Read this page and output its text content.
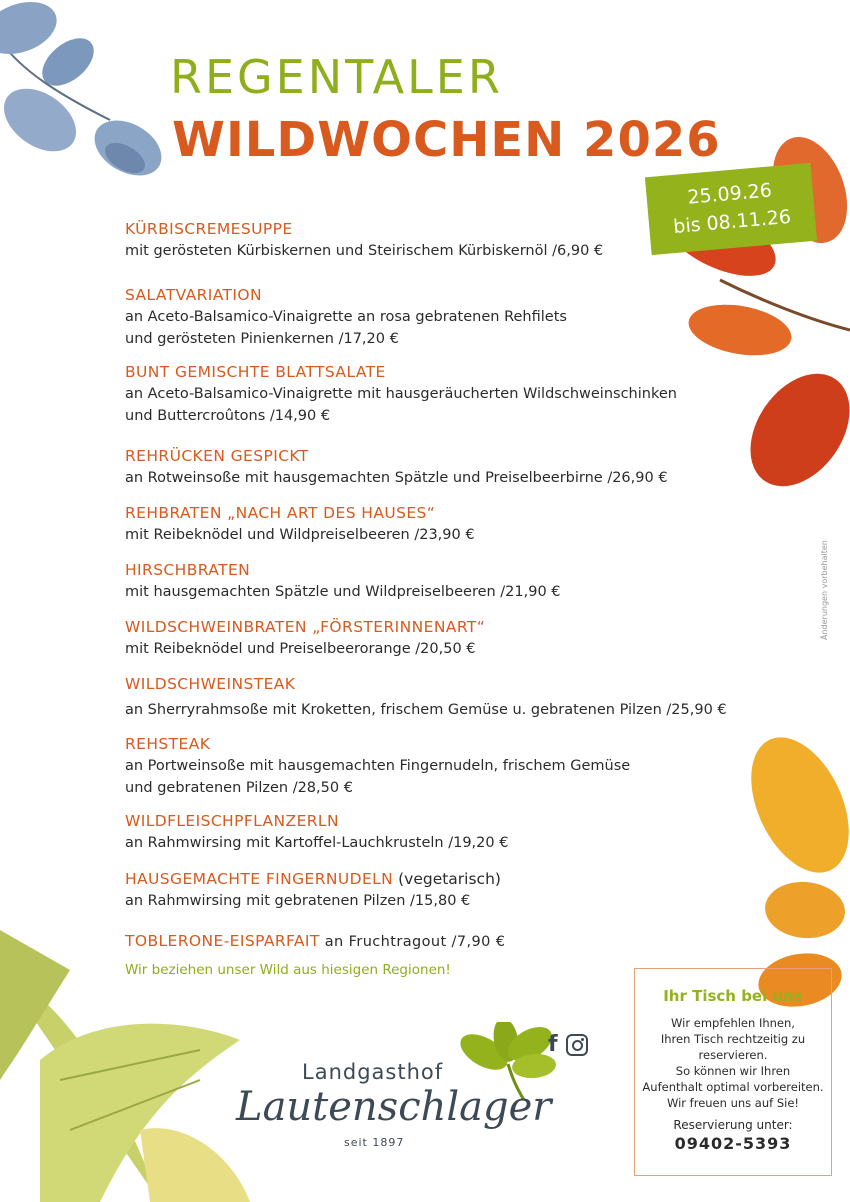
REGENTALER
WILDWOCHEN 2026
25.09.26
bis 08.11.26
KÜRBISCREMESUPPE
mit gerösteten Kürbiskernen und Steirischem Kürbiskernöl /6,90 €
SALATVARIATION
an Aceto-Balsamico-Vinaigrette an rosa gebratenen Rehfilets
und gerösteten Pinienkernen /17,20 €
BUNT GEMISCHTE BLATTSALATE
an Aceto-Balsamico-Vinaigrette mit hausgeräucherten Wildschweinschinken
und Buttercroûtons /14,90 €
REHRÜCKEN GESPICKT
an Rotweinsoße mit hausgemachten Spätzle und Preiselbeerbirne /26,90 €
REHBRATEN „NACH ART DES HAUSES“
mit Reibeknödel und Wildpreiselbeeren /23,90 €
HIRSCHBRATEN
mit hausgemachten Spätzle und Wildpreiselbeeren /21,90 €
WILDSCHWEINBRATEN „FÖRSTERINNENART“
mit Reibeknödel und Preiselbeerorange /20,50 €
WILDSCHWEINSTEAK
an Sherryrahmsoße mit Kroketten, frischem Gemüse u. gebratenen Pilzen /25,90 €
REHSTEAK
an Portweinsoße mit hausgemachten Fingernudeln, frischem Gemüse
und gebratenen Pilzen /28,50 €
WILDFLEISCHPFLANZERLN
an Rahmwirsing mit Kartoffel-Lauchkrusteln /19,20 €
HAUSGEMACHTE FINGERNUDELN (vegetarisch)
an Rahmwirsing mit gebratenen Pilzen /15,80 €
TOBLERONE-EISPARFAIT an Fruchtragout /7,90 €
Wir beziehen unser Wild aus hiesigen Regionen!
Änderungen vorbehalten
Landgasthof
Lautenschlager
seit 1897
f
Ihr Tisch bei uns
Wir empfehlen Ihnen,
Ihren Tisch rechtzeitig zu
reservieren.
So können wir Ihren
Aufenthalt optimal vorbereiten.
Wir freuen uns auf Sie!
Reservierung unter:
09402-5393
